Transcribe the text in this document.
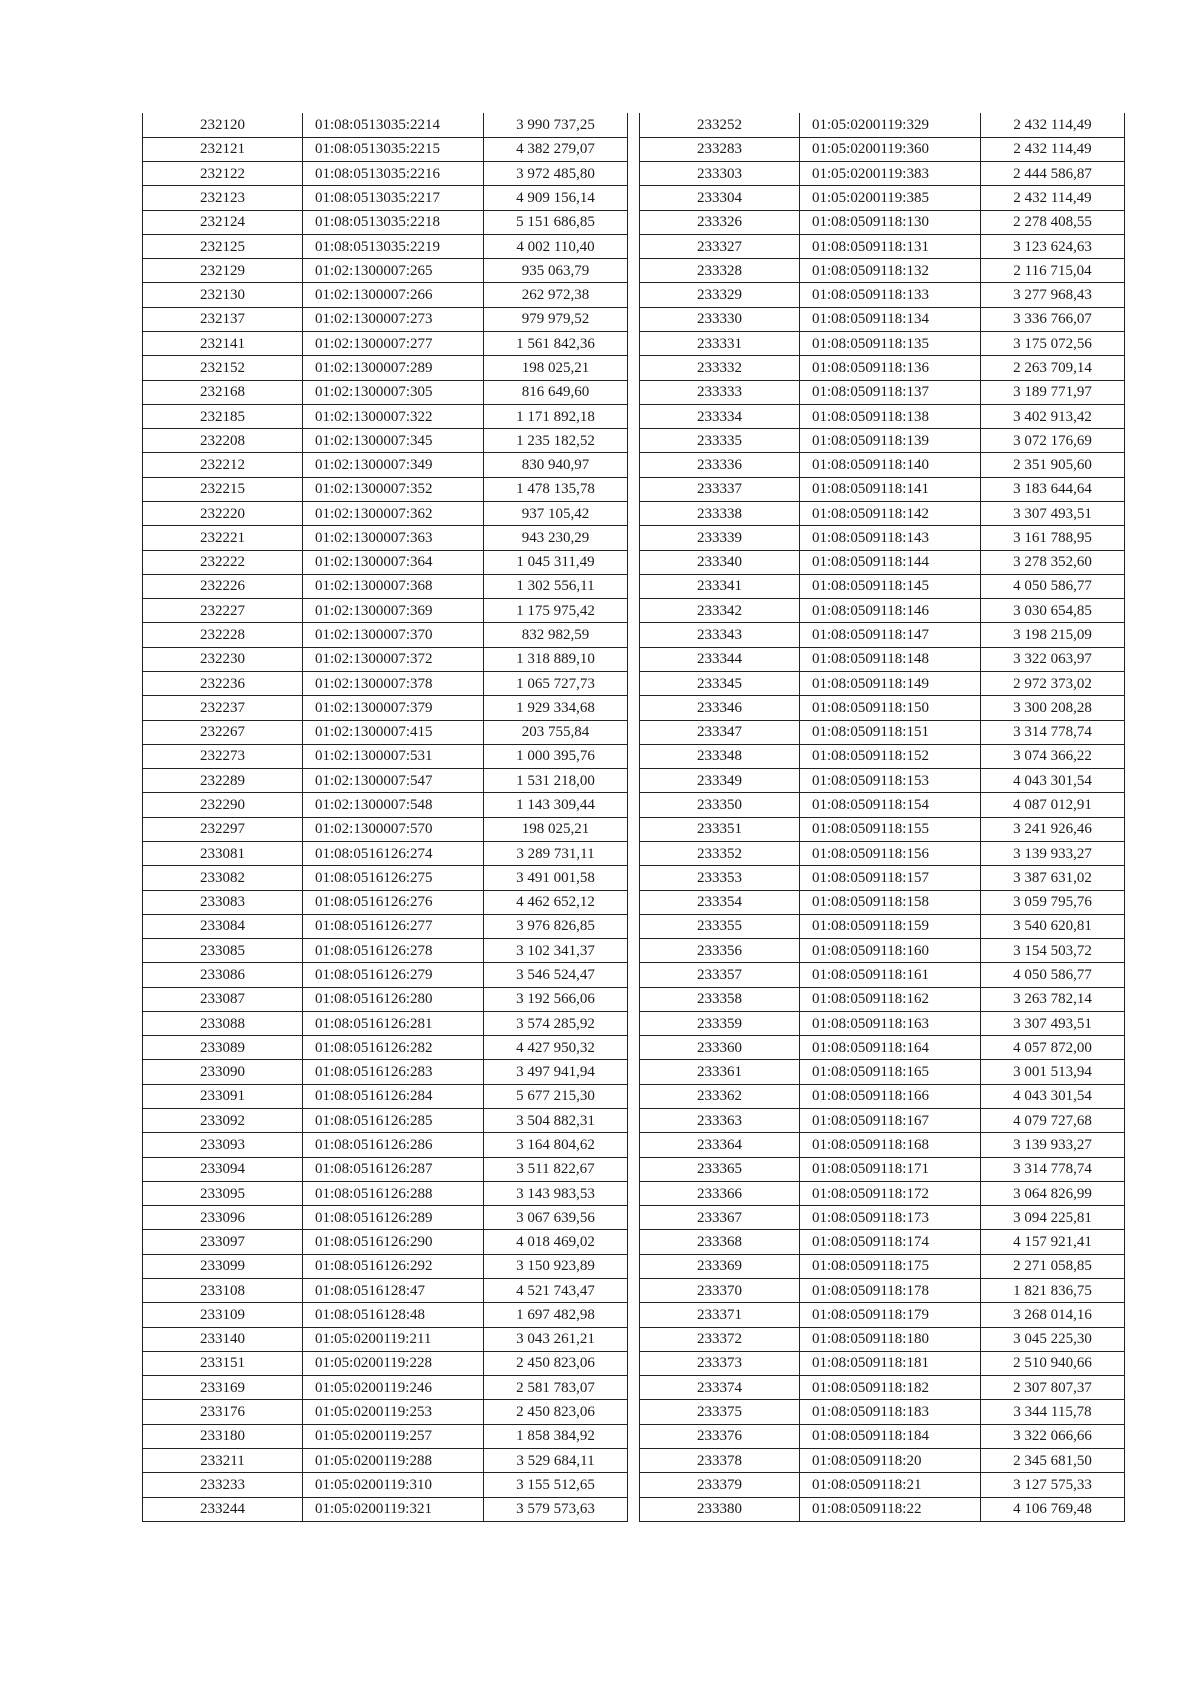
232120	01:08:0513035:2214	3 990 737,25
232121	01:08:0513035:2215	4 382 279,07
232122	01:08:0513035:2216	3 972 485,80
232123	01:08:0513035:2217	4 909 156,14
232124	01:08:0513035:2218	5 151 686,85
232125	01:08:0513035:2219	4 002 110,40
232129	01:02:1300007:265	935 063,79
232130	01:02:1300007:266	262 972,38
232137	01:02:1300007:273	979 979,52
232141	01:02:1300007:277	1 561 842,36
232152	01:02:1300007:289	198 025,21
232168	01:02:1300007:305	816 649,60
232185	01:02:1300007:322	1 171 892,18
232208	01:02:1300007:345	1 235 182,52
232212	01:02:1300007:349	830 940,97
232215	01:02:1300007:352	1 478 135,78
232220	01:02:1300007:362	937 105,42
232221	01:02:1300007:363	943 230,29
232222	01:02:1300007:364	1 045 311,49
232226	01:02:1300007:368	1 302 556,11
232227	01:02:1300007:369	1 175 975,42
232228	01:02:1300007:370	832 982,59
232230	01:02:1300007:372	1 318 889,10
232236	01:02:1300007:378	1 065 727,73
232237	01:02:1300007:379	1 929 334,68
232267	01:02:1300007:415	203 755,84
232273	01:02:1300007:531	1 000 395,76
232289	01:02:1300007:547	1 531 218,00
232290	01:02:1300007:548	1 143 309,44
232297	01:02:1300007:570	198 025,21
233081	01:08:0516126:274	3 289 731,11
233082	01:08:0516126:275	3 491 001,58
233083	01:08:0516126:276	4 462 652,12
233084	01:08:0516126:277	3 976 826,85
233085	01:08:0516126:278	3 102 341,37
233086	01:08:0516126:279	3 546 524,47
233087	01:08:0516126:280	3 192 566,06
233088	01:08:0516126:281	3 574 285,92
233089	01:08:0516126:282	4 427 950,32
233090	01:08:0516126:283	3 497 941,94
233091	01:08:0516126:284	5 677 215,30
233092	01:08:0516126:285	3 504 882,31
233093	01:08:0516126:286	3 164 804,62
233094	01:08:0516126:287	3 511 822,67
233095	01:08:0516126:288	3 143 983,53
233096	01:08:0516126:289	3 067 639,56
233097	01:08:0516126:290	4 018 469,02
233099	01:08:0516126:292	3 150 923,89
233108	01:08:0516128:47	4 521 743,47
233109	01:08:0516128:48	1 697 482,98
233140	01:05:0200119:211	3 043 261,21
233151	01:05:0200119:228	2 450 823,06
233169	01:05:0200119:246	2 581 783,07
233176	01:05:0200119:253	2 450 823,06
233180	01:05:0200119:257	1 858 384,92
233211	01:05:0200119:288	3 529 684,11
233233	01:05:0200119:310	3 155 512,65
233244	01:05:0200119:321	3 579 573,63
233252	01:05:0200119:329	2 432 114,49
233283	01:05:0200119:360	2 432 114,49
233303	01:05:0200119:383	2 444 586,87
233304	01:05:0200119:385	2 432 114,49
233326	01:08:0509118:130	2 278 408,55
233327	01:08:0509118:131	3 123 624,63
233328	01:08:0509118:132	2 116 715,04
233329	01:08:0509118:133	3 277 968,43
233330	01:08:0509118:134	3 336 766,07
233331	01:08:0509118:135	3 175 072,56
233332	01:08:0509118:136	2 263 709,14
233333	01:08:0509118:137	3 189 771,97
233334	01:08:0509118:138	3 402 913,42
233335	01:08:0509118:139	3 072 176,69
233336	01:08:0509118:140	2 351 905,60
233337	01:08:0509118:141	3 183 644,64
233338	01:08:0509118:142	3 307 493,51
233339	01:08:0509118:143	3 161 788,95
233340	01:08:0509118:144	3 278 352,60
233341	01:08:0509118:145	4 050 586,77
233342	01:08:0509118:146	3 030 654,85
233343	01:08:0509118:147	3 198 215,09
233344	01:08:0509118:148	3 322 063,97
233345	01:08:0509118:149	2 972 373,02
233346	01:08:0509118:150	3 300 208,28
233347	01:08:0509118:151	3 314 778,74
233348	01:08:0509118:152	3 074 366,22
233349	01:08:0509118:153	4 043 301,54
233350	01:08:0509118:154	4 087 012,91
233351	01:08:0509118:155	3 241 926,46
233352	01:08:0509118:156	3 139 933,27
233353	01:08:0509118:157	3 387 631,02
233354	01:08:0509118:158	3 059 795,76
233355	01:08:0509118:159	3 540 620,81
233356	01:08:0509118:160	3 154 503,72
233357	01:08:0509118:161	4 050 586,77
233358	01:08:0509118:162	3 263 782,14
233359	01:08:0509118:163	3 307 493,51
233360	01:08:0509118:164	4 057 872,00
233361	01:08:0509118:165	3 001 513,94
233362	01:08:0509118:166	4 043 301,54
233363	01:08:0509118:167	4 079 727,68
233364	01:08:0509118:168	3 139 933,27
233365	01:08:0509118:171	3 314 778,74
233366	01:08:0509118:172	3 064 826,99
233367	01:08:0509118:173	3 094 225,81
233368	01:08:0509118:174	4 157 921,41
233369	01:08:0509118:175	2 271 058,85
233370	01:08:0509118:178	1 821 836,75
233371	01:08:0509118:179	3 268 014,16
233372	01:08:0509118:180	3 045 225,30
233373	01:08:0509118:181	2 510 940,66
233374	01:08:0509118:182	2 307 807,37
233375	01:08:0509118:183	3 344 115,78
233376	01:08:0509118:184	3 322 066,66
233378	01:08:0509118:20	2 345 681,50
233379	01:08:0509118:21	3 127 575,33
233380	01:08:0509118:22	4 106 769,48
